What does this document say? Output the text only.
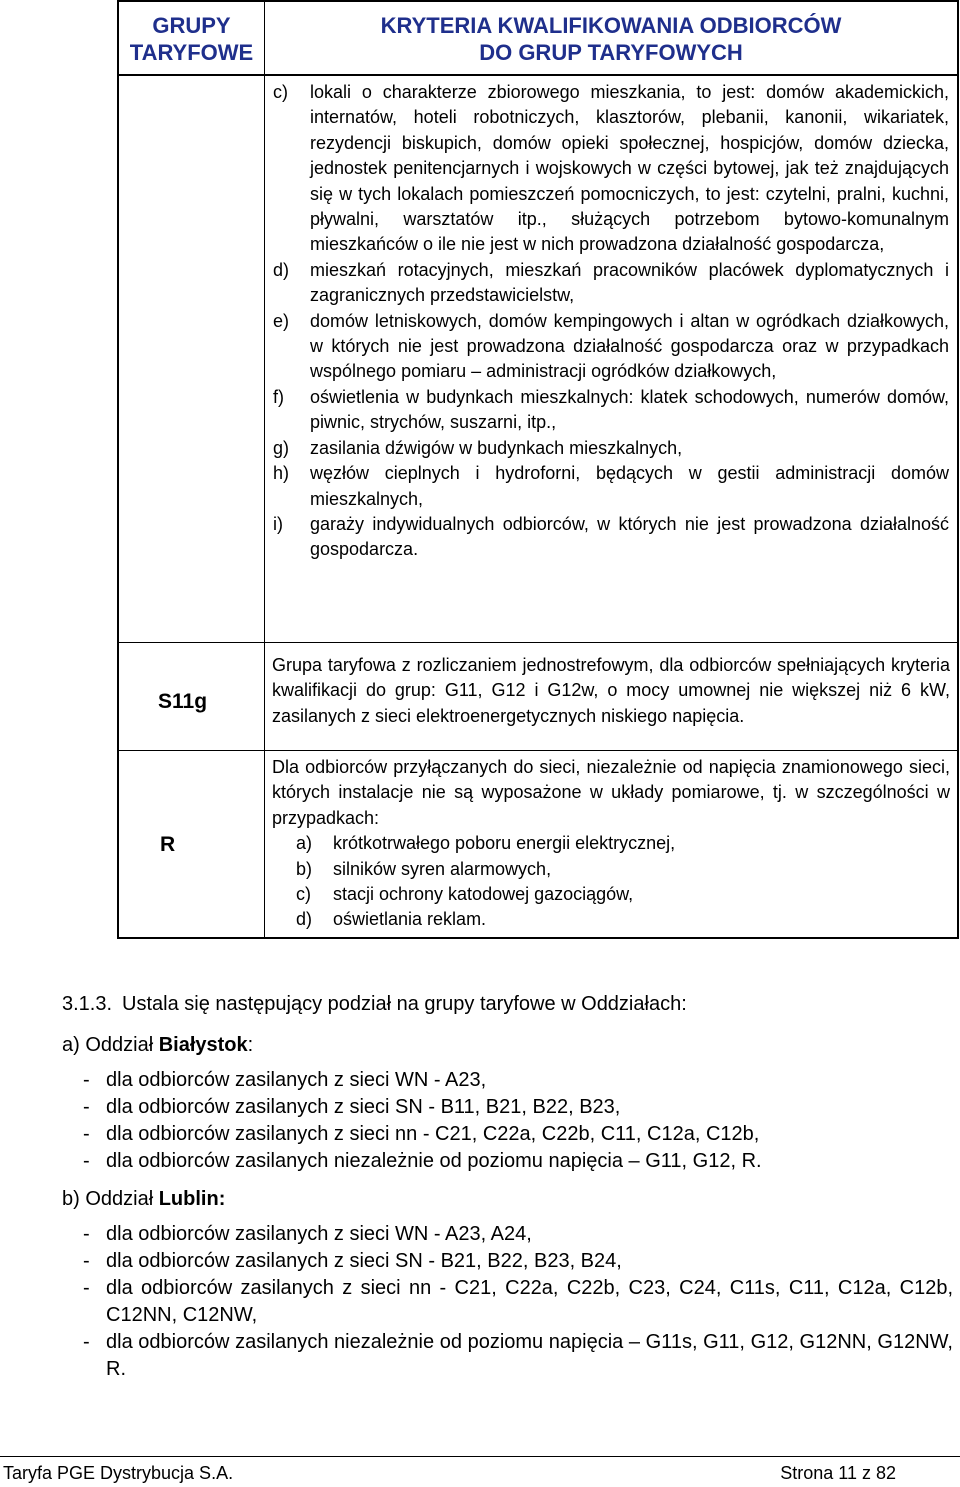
GRUPY
TARYFOWE
KRYTERIA KWALIFIKOWANIA ODBIORCÓW
DO GRUP TARYFOWYCH
c) lokali o charakterze zbiorowego mieszkania, to jest: domów akademickich, internatów, hoteli robotniczych, klasztorów, plebanii, kanonii, wikariatek, rezydencji biskupich, domów opieki społecznej, hospicjów, domów dziecka, jednostek penitencjarnych i wojskowych w części bytowej, jak też znajdujących się w tych lokalach pomieszczeń pomocniczych, to jest: czytelni, pralni, kuchni, pływalni, warsztatów itp., służących potrzebom bytowo-komunalnym mieszkańców o ile nie jest w nich prowadzona działalność gospodarcza,
d) mieszkań rotacyjnych, mieszkań pracowników placówek dyplomatycznych i zagranicznych przedstawicielstw,
e) domów letniskowych, domów kempingowych i altan w ogródkach działkowych, w których nie jest prowadzona działalność gospodarcza oraz w przypadkach wspólnego pomiaru – administracji ogródków działkowych,
f) oświetlenia w budynkach mieszkalnych: klatek schodowych, numerów domów, piwnic, strychów, suszarni, itp.,
g) zasilania dźwigów w budynkach mieszkalnych,
h) węzłów cieplnych i hydroforni, będących w gestii administracji domów mieszkalnych,
i) garaży indywidualnych odbiorców, w których nie jest prowadzona działalność gospodarcza.
S11g
Grupa taryfowa z rozliczaniem jednostrefowym, dla odbiorców spełniających kryteria kwalifikacji do grup: G11, G12 i G12w, o mocy umownej nie większej niż 6 kW, zasilanych z sieci elektroenergetycznych niskiego napięcia.
R
Dla odbiorców przyłączanych do sieci, niezależnie od napięcia znamionowego sieci, których instalacje nie są wyposażone w układy pomiarowe, tj. w szczególności w przypadkach:
a) krótkotrwałego poboru energii elektrycznej,
b) silników syren alarmowych,
c) stacji ochrony katodowej gazociągów,
d) oświetlania reklam.
3.1.3. Ustala się następujący podział na grupy taryfowe w Oddziałach:
a) Oddział Białystok:
- dla odbiorców zasilanych z sieci WN - A23,
- dla odbiorców zasilanych z sieci SN - B11, B21, B22, B23,
- dla odbiorców zasilanych z sieci nn - C21, C22a, C22b, C11, C12a, C12b,
- dla odbiorców zasilanych niezależnie od poziomu napięcia – G11, G12, R.
b) Oddział Lublin:
- dla odbiorców zasilanych z sieci WN - A23, A24,
- dla odbiorców zasilanych z sieci SN - B21, B22, B23, B24,
- dla odbiorców zasilanych z sieci nn - C21, C22a, C22b, C23, C24, C11s, C11, C12a, C12b, C12NN, C12NW,
- dla odbiorców zasilanych niezależnie od poziomu napięcia – G11s, G11, G12, G12NN, G12NW, R.
Taryfa PGE Dystrybucja S.A.	Strona 11 z 82
